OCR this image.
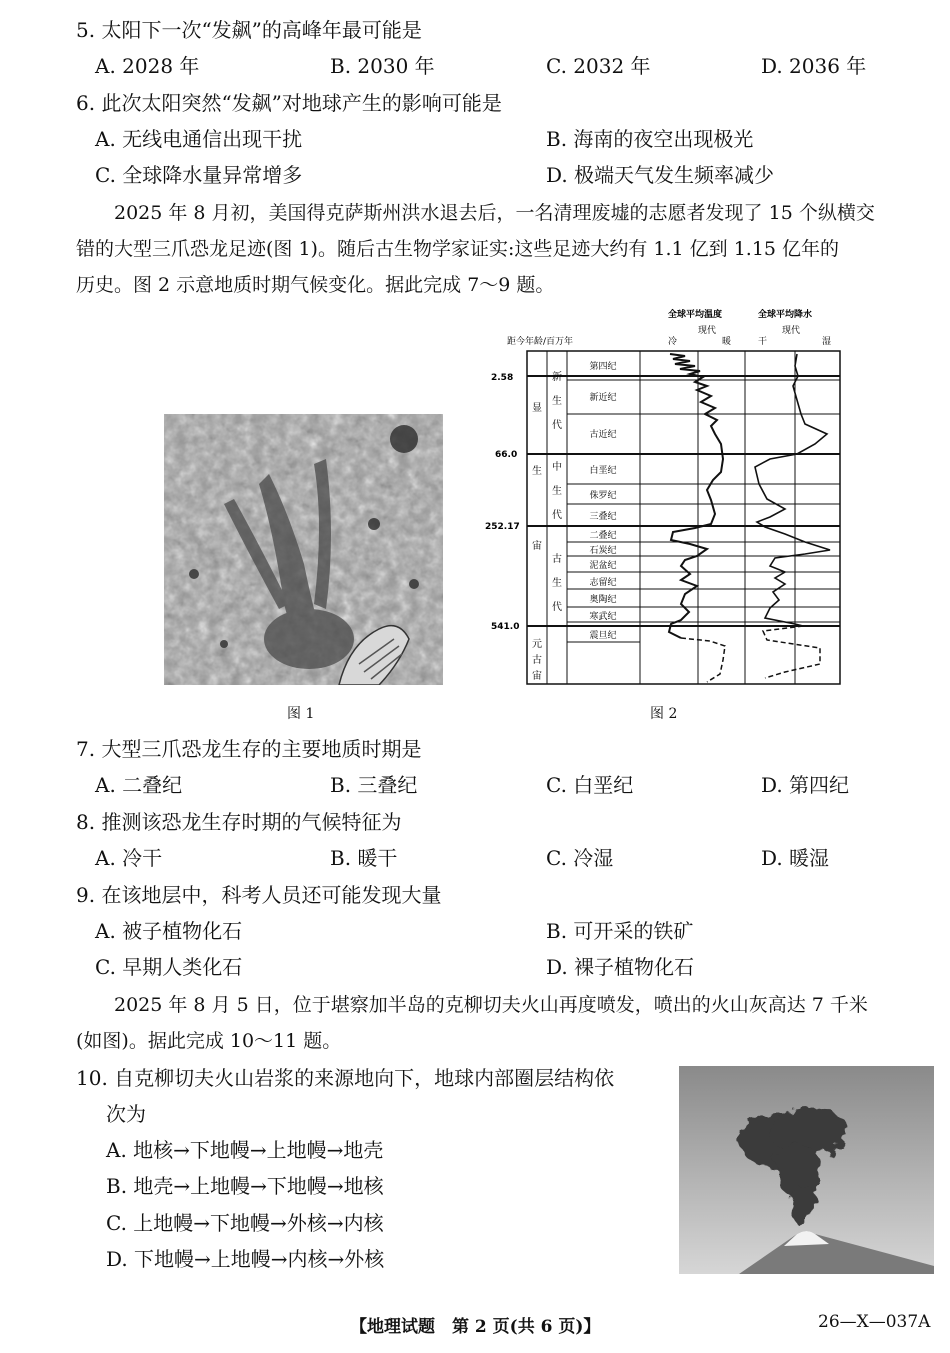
5. 太阳下一次“发飙”的高峰年最可能是
A. 2028 年	B. 2030 年	C. 2032 年	D. 2036 年
6. 此次太阳突然“发飙”对地球产生的影响可能是
A. 无线电通信出现干扰	B. 海南的夜空出现极光
C. 全球降水量异常增多	D. 极端天气发生频率减少
2025 年 8 月初，美国得克萨斯州洪水退去后，一名清理废墟的志愿者发现了 15 个纵横交
错的大型三爪恐龙足迹(图 1)。随后古生物学家证实:这些足迹大约有 1.1 亿到 1.15 亿年的
历史。图 2 示意地质时期气候变化。据此完成 7～9 题。
距今年龄/百万年
全球平均温度
现代
冷	暖
全球平均降水
现代
干	湿
2.58
66.0
252.17
541.0
显
生
宙
元
古
宙
新
生
代
中
生
代
古
生
代
第四纪
新近纪
古近纪
白垩纪
侏罗纪
三叠纪
二叠纪
石炭纪
泥盆纪
志留纪
奥陶纪
寒武纪
震旦纪
图 1	图 2
7. 大型三爪恐龙生存的主要地质时期是
A. 二叠纪	B. 三叠纪	C. 白垩纪	D. 第四纪
8. 推测该恐龙生存时期的气候特征为
A. 冷干	B. 暖干	C. 冷湿	D. 暖湿
9. 在该地层中，科考人员还可能发现大量
A. 被子植物化石	B. 可开采的铁矿
C. 早期人类化石	D. 裸子植物化石
2025 年 8 月 5 日，位于堪察加半岛的克柳切夫火山再度喷发，喷出的火山灰高达 7 千米
(如图)。据此完成 10～11 题。
10. 自克柳切夫火山岩浆的来源地向下，地球内部圈层结构依
次为
A. 地核→下地幔→上地幔→地壳
B. 地壳→上地幔→下地幔→地核
C. 上地幔→下地幔→外核→内核
D. 下地幔→上地幔→内核→外核
【地理试题　第 2 页(共 6 页)】	26—X—037A
